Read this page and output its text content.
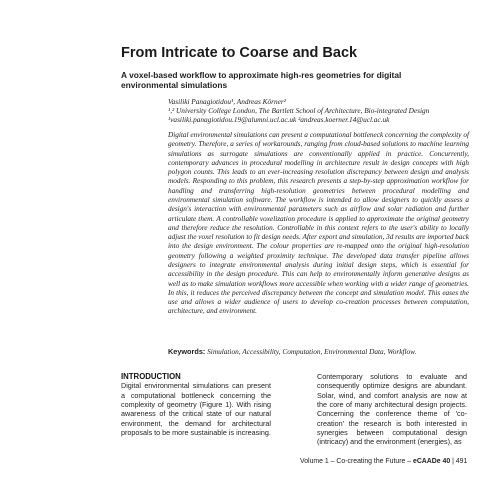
From Intricate to Coarse and Back
A voxel-based workflow to approximate high-res geometries for digital environmental simulations
Vasiliki Panagiotidou¹, Andreas Körner²
¹,² University College London, The Bartlett School of Architecture, Bio-integrated Design
¹vasiliki.panagiotidou.19@alumni.ucl.ac.uk ²andreas.koerner.14@ucl.ac.uk
Digital environmental simulations can present a computational bottleneck concerning the complexity of geometry. Therefore, a series of workarounds, ranging from cloud-based solutions to machine learning simulations as surrogate simulations are conventionally applied in practice. Concurrently, contemporary advances in procedural modelling in architecture result in design concepts with high polygon counts. This leads to an ever-increasing resolution discrepancy between design and analysis models. Responding to this problem, this research presents a step-by-step approximation workflow for handling and transferring high-resolution geometries between procedural modelling and environmental simulation software. The workflow is intended to allow designers to quickly assess a design's interaction with environmental parameters such as airflow and solar radiation and further articulate them. A controllable voxelization procedure is applied to approximate the original geometry and therefore reduce the resolution. Controllable in this context refers to the user's ability to locally adjust the voxel resolution to fit design needs. After export and simulation, 3d results are imported back into the design environment. The colour properties are re-mapped onto the original high-resolution geometry following a weighted proximity technique. The developed data transfer pipeline allows designers to integrate environmental analysis during initial design steps, which is essential for accessibility in the design procedure. This can help to environmentally inform generative designs as well as to make simulation workflows more accessible when working with a wider range of geometries. In this, it reduces the perceived discrepancy between the concept and simulation model. This eases the use and allows a wider audience of users to develop co-creation processes between computation, architecture, and environment.
Keywords: Simulation, Accessibility, Computation, Environmental Data, Workflow.
INTRODUCTION
Digital environmental simulations can present a computational bottleneck concerning the complexity of geometry (Figure 1). With rising awareness of the critical state of our natural environment, the demand for architectural proposals to be more sustainable is increasing.
Contemporary solutions to evaluate and consequently optimize designs are abundant. Solar, wind, and comfort analysis are now at the core of many architectural design projects. Concerning the conference theme of 'co-creation' the research is both interested in synergies between computational design (intricacy) and the environment (energies), as
Volume 1 – Co-creating the Future – eCAADe 40 | 491
